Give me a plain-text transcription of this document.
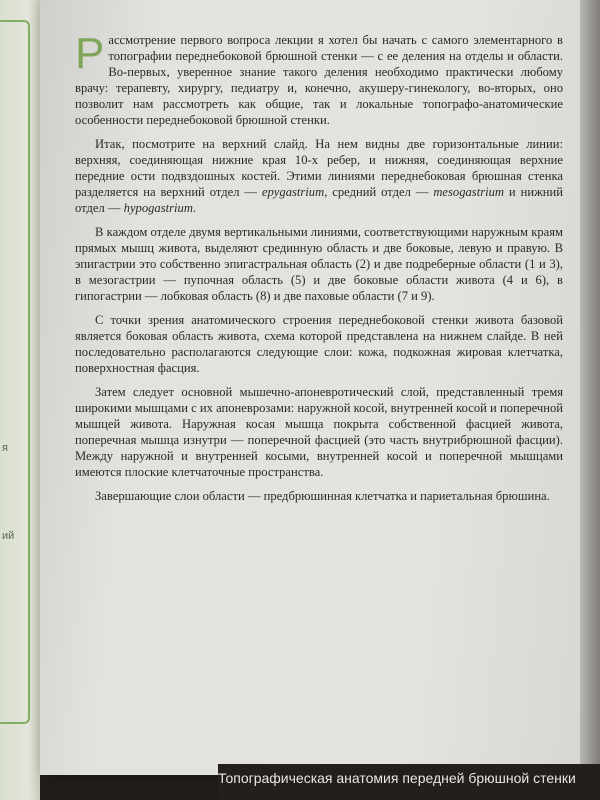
я
ий

Рассмотрение первого вопроса лекции я хотел бы начать с самого элементарного в топографии переднебоковой брюшной стенки — с ее деления на отделы и области. Во-первых, уверенное знание такого деления необходимо практически любому врачу: терапевту, хирургу, педиатру и, конечно, акушеру-гинекологу, во-вторых, оно позволит нам рассмотреть как общие, так и локальные топографо-анатомические особенности переднебоковой брюшной стенки.

Итак, посмотрите на верхний слайд. На нем видны две горизонтальные линии: верхняя, соединяющая нижние края 10-х ребер, и нижняя, соединяющая верхние передние ости подвздошных костей. Этими линиями переднебоковая брюшная стенка разделяется на верхний отдел — epygastrium, средний отдел — mesogastrium и нижний отдел — hypogastrium.

В каждом отделе двумя вертикальными линиями, соответствующими наружным краям прямых мышц живота, выделяют срединную область и две боковые, левую и правую. В эпигастрии это собственно эпигастральная область (2) и две подреберные области (1 и 3), в мезогастрии — пупочная область (5) и две боковые области живота (4 и 6), в гипогастрии — лобковая область (8) и две паховые области (7 и 9).

С точки зрения анатомического строения переднебоковой стенки живота базовой является боковая область живота, схема которой представлена на нижнем слайде. В ней последовательно располагаются следующие слои: кожа, подкожная жировая клетчатка, поверхностная фасция.

Затем следует основной мышечно-апоневротический слой, представленный тремя широкими мышцами с их апоневрозами: наружной косой, внутренней косой и поперечной мышцей живота. Наружная косая мышца покрыта собственной фасцией живота, поперечная мышца изнутри — поперечной фасцией (это часть внутрибрюшной фасции). Между наружной и внутренней косыми, внутренней косой и поперечной мышцами имеются плоские клетчаточные пространства.

Завершающие слои области — предбрюшинная клетчатка и париетальная брюшина.

Топографическая анатомия передней брюшной стенки
